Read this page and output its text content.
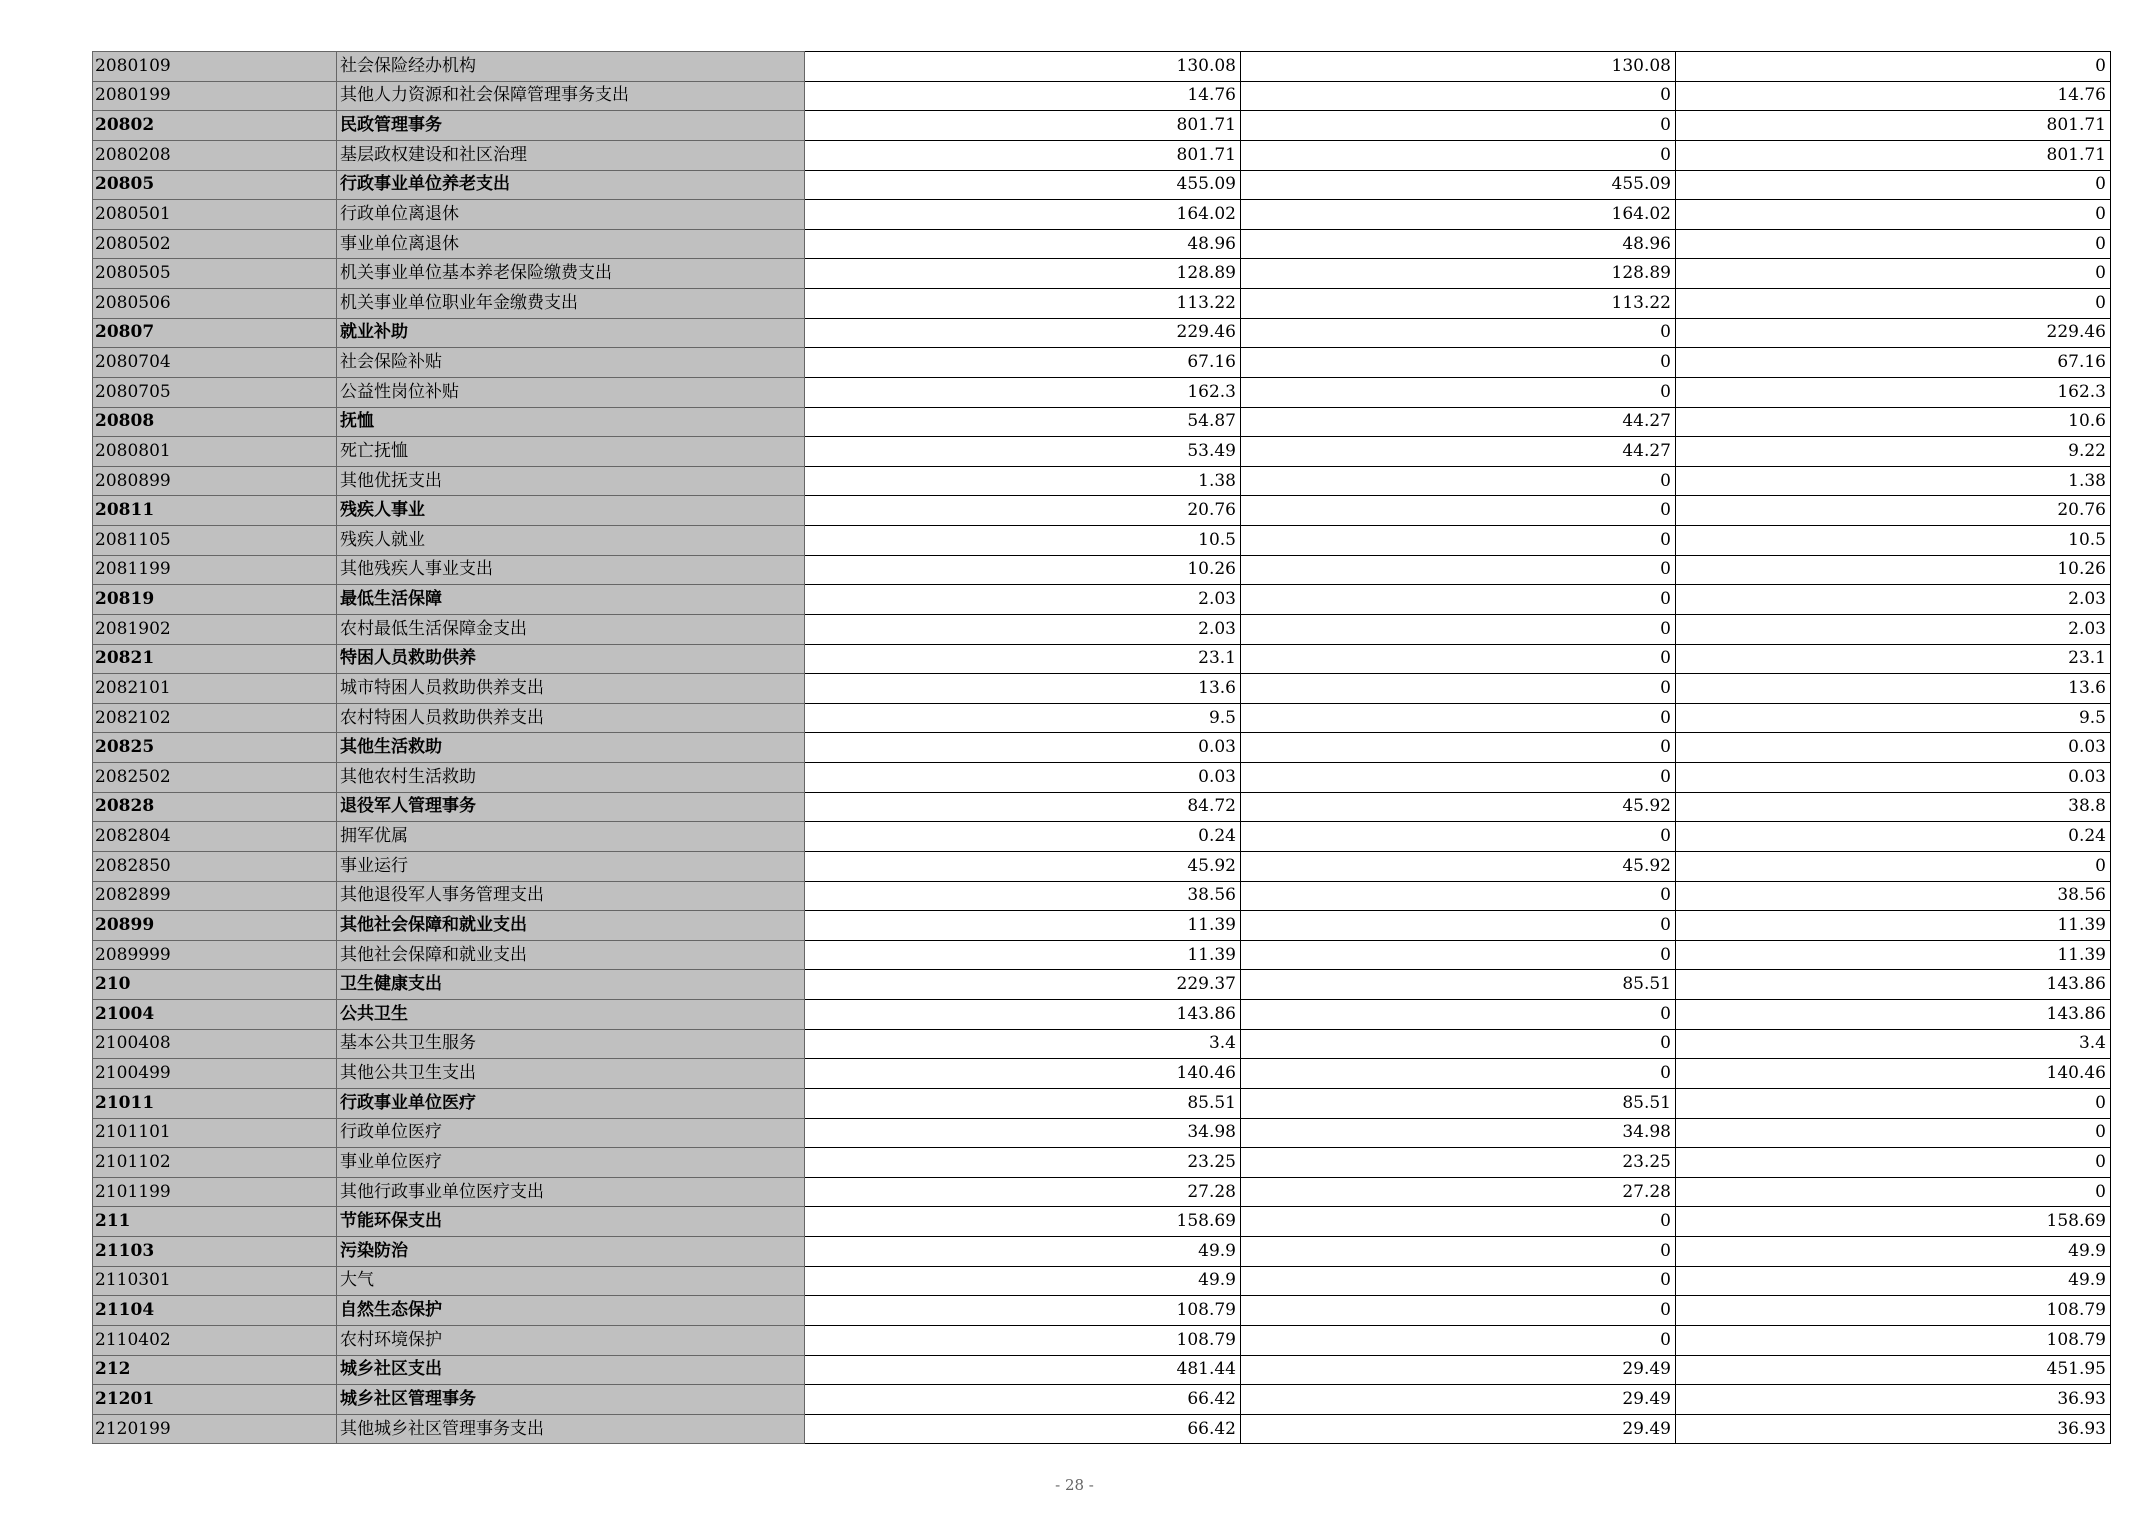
2080109	社会保险经办机构	130.08	130.08	0
2080199	其他人力资源和社会保障管理事务支出	14.76	0	14.76
20802	民政管理事务	801.71	0	801.71
2080208	基层政权建设和社区治理	801.71	0	801.71
20805	行政事业单位养老支出	455.09	455.09	0
2080501	行政单位离退休	164.02	164.02	0
2080502	事业单位离退休	48.96	48.96	0
2080505	机关事业单位基本养老保险缴费支出	128.89	128.89	0
2080506	机关事业单位职业年金缴费支出	113.22	113.22	0
20807	就业补助	229.46	0	229.46
2080704	社会保险补贴	67.16	0	67.16
2080705	公益性岗位补贴	162.3	0	162.3
20808	抚恤	54.87	44.27	10.6
2080801	死亡抚恤	53.49	44.27	9.22
2080899	其他优抚支出	1.38	0	1.38
20811	残疾人事业	20.76	0	20.76
2081105	残疾人就业	10.5	0	10.5
2081199	其他残疾人事业支出	10.26	0	10.26
20819	最低生活保障	2.03	0	2.03
2081902	农村最低生活保障金支出	2.03	0	2.03
20821	特困人员救助供养	23.1	0	23.1
2082101	城市特困人员救助供养支出	13.6	0	13.6
2082102	农村特困人员救助供养支出	9.5	0	9.5
20825	其他生活救助	0.03	0	0.03
2082502	其他农村生活救助	0.03	0	0.03
20828	退役军人管理事务	84.72	45.92	38.8
2082804	拥军优属	0.24	0	0.24
2082850	事业运行	45.92	45.92	0
2082899	其他退役军人事务管理支出	38.56	0	38.56
20899	其他社会保障和就业支出	11.39	0	11.39
2089999	其他社会保障和就业支出	11.39	0	11.39
210	卫生健康支出	229.37	85.51	143.86
21004	公共卫生	143.86	0	143.86
2100408	基本公共卫生服务	3.4	0	3.4
2100499	其他公共卫生支出	140.46	0	140.46
21011	行政事业单位医疗	85.51	85.51	0
2101101	行政单位医疗	34.98	34.98	0
2101102	事业单位医疗	23.25	23.25	0
2101199	其他行政事业单位医疗支出	27.28	27.28	0
211	节能环保支出	158.69	0	158.69
21103	污染防治	49.9	0	49.9
2110301	大气	49.9	0	49.9
21104	自然生态保护	108.79	0	108.79
2110402	农村环境保护	108.79	0	108.79
212	城乡社区支出	481.44	29.49	451.95
21201	城乡社区管理事务	66.42	29.49	36.93
2120199	其他城乡社区管理事务支出	66.42	29.49	36.93
- 28 -
